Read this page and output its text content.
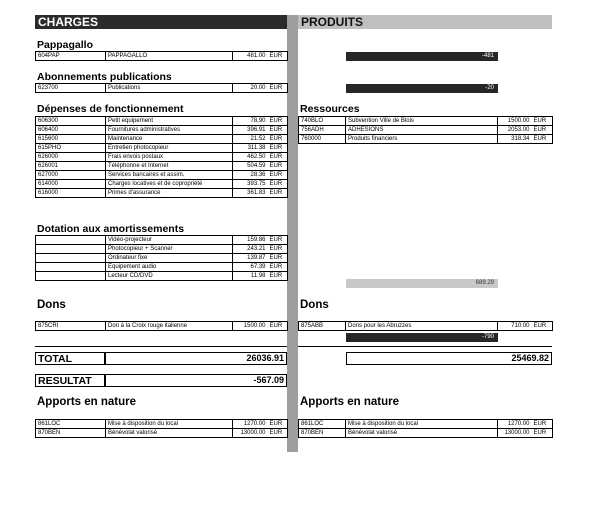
CHARGES	PRODUITS
Pappagallo
604PAP	PAPPAGALLO	481.00	EUR
Abonnements publications
623700	Publications	20.00	EUR
Dépenses de fonctionnement
606300	Petit equipement	78.90	EUR
606400	Fournitures administratives	396.91	EUR
615600	Maintenance	21.52	EUR
615PHO	Entretien photocopieur	311.38	EUR
626000	Frais envois postaux	462.50	EUR
626001	Téléphonne et Internet	504.59	EUR
627000	Services bancaires et assim.	28.36	EUR
614000	Charges locatives et de copropriété	393.75	EUR
616000	Primes d'assurance	361.83	EUR
Dotation aux amortissements
	Vidéo-projecteur	159.86	EUR
	Photocopieur + Scanner	243.21	EUR
	Ordinateur fixe	139.87	EUR
	Equipement audio	67.39	EUR
	Lecteur CD/DVD	11.98	EUR
Dons
875CRI	Don à la Croix rouge italienne	1500.00	EUR
TOTAL	26036.91
RESULTAT	-567.09
Apports en nature
861LOC	Mise à disposition du local	1270.00	EUR
870BEN	Bénévolat valorisé	13000.00	EUR
-481
-20
Ressources
740BLO	Subvention Ville de Blois	1500.00	EUR
756ADH	ADHESIONS	2053.00	EUR
760000	Produits financiers	318.34	EUR
689.29
Dons
875ABB	Dons pour les Abruzzes	710.00	EUR
-790
25469.82
Apports en nature
861LOC	Mise à disposition du local	1270.00	EUR
870BEN	Bénévolat valorisé	13000.00	EUR
